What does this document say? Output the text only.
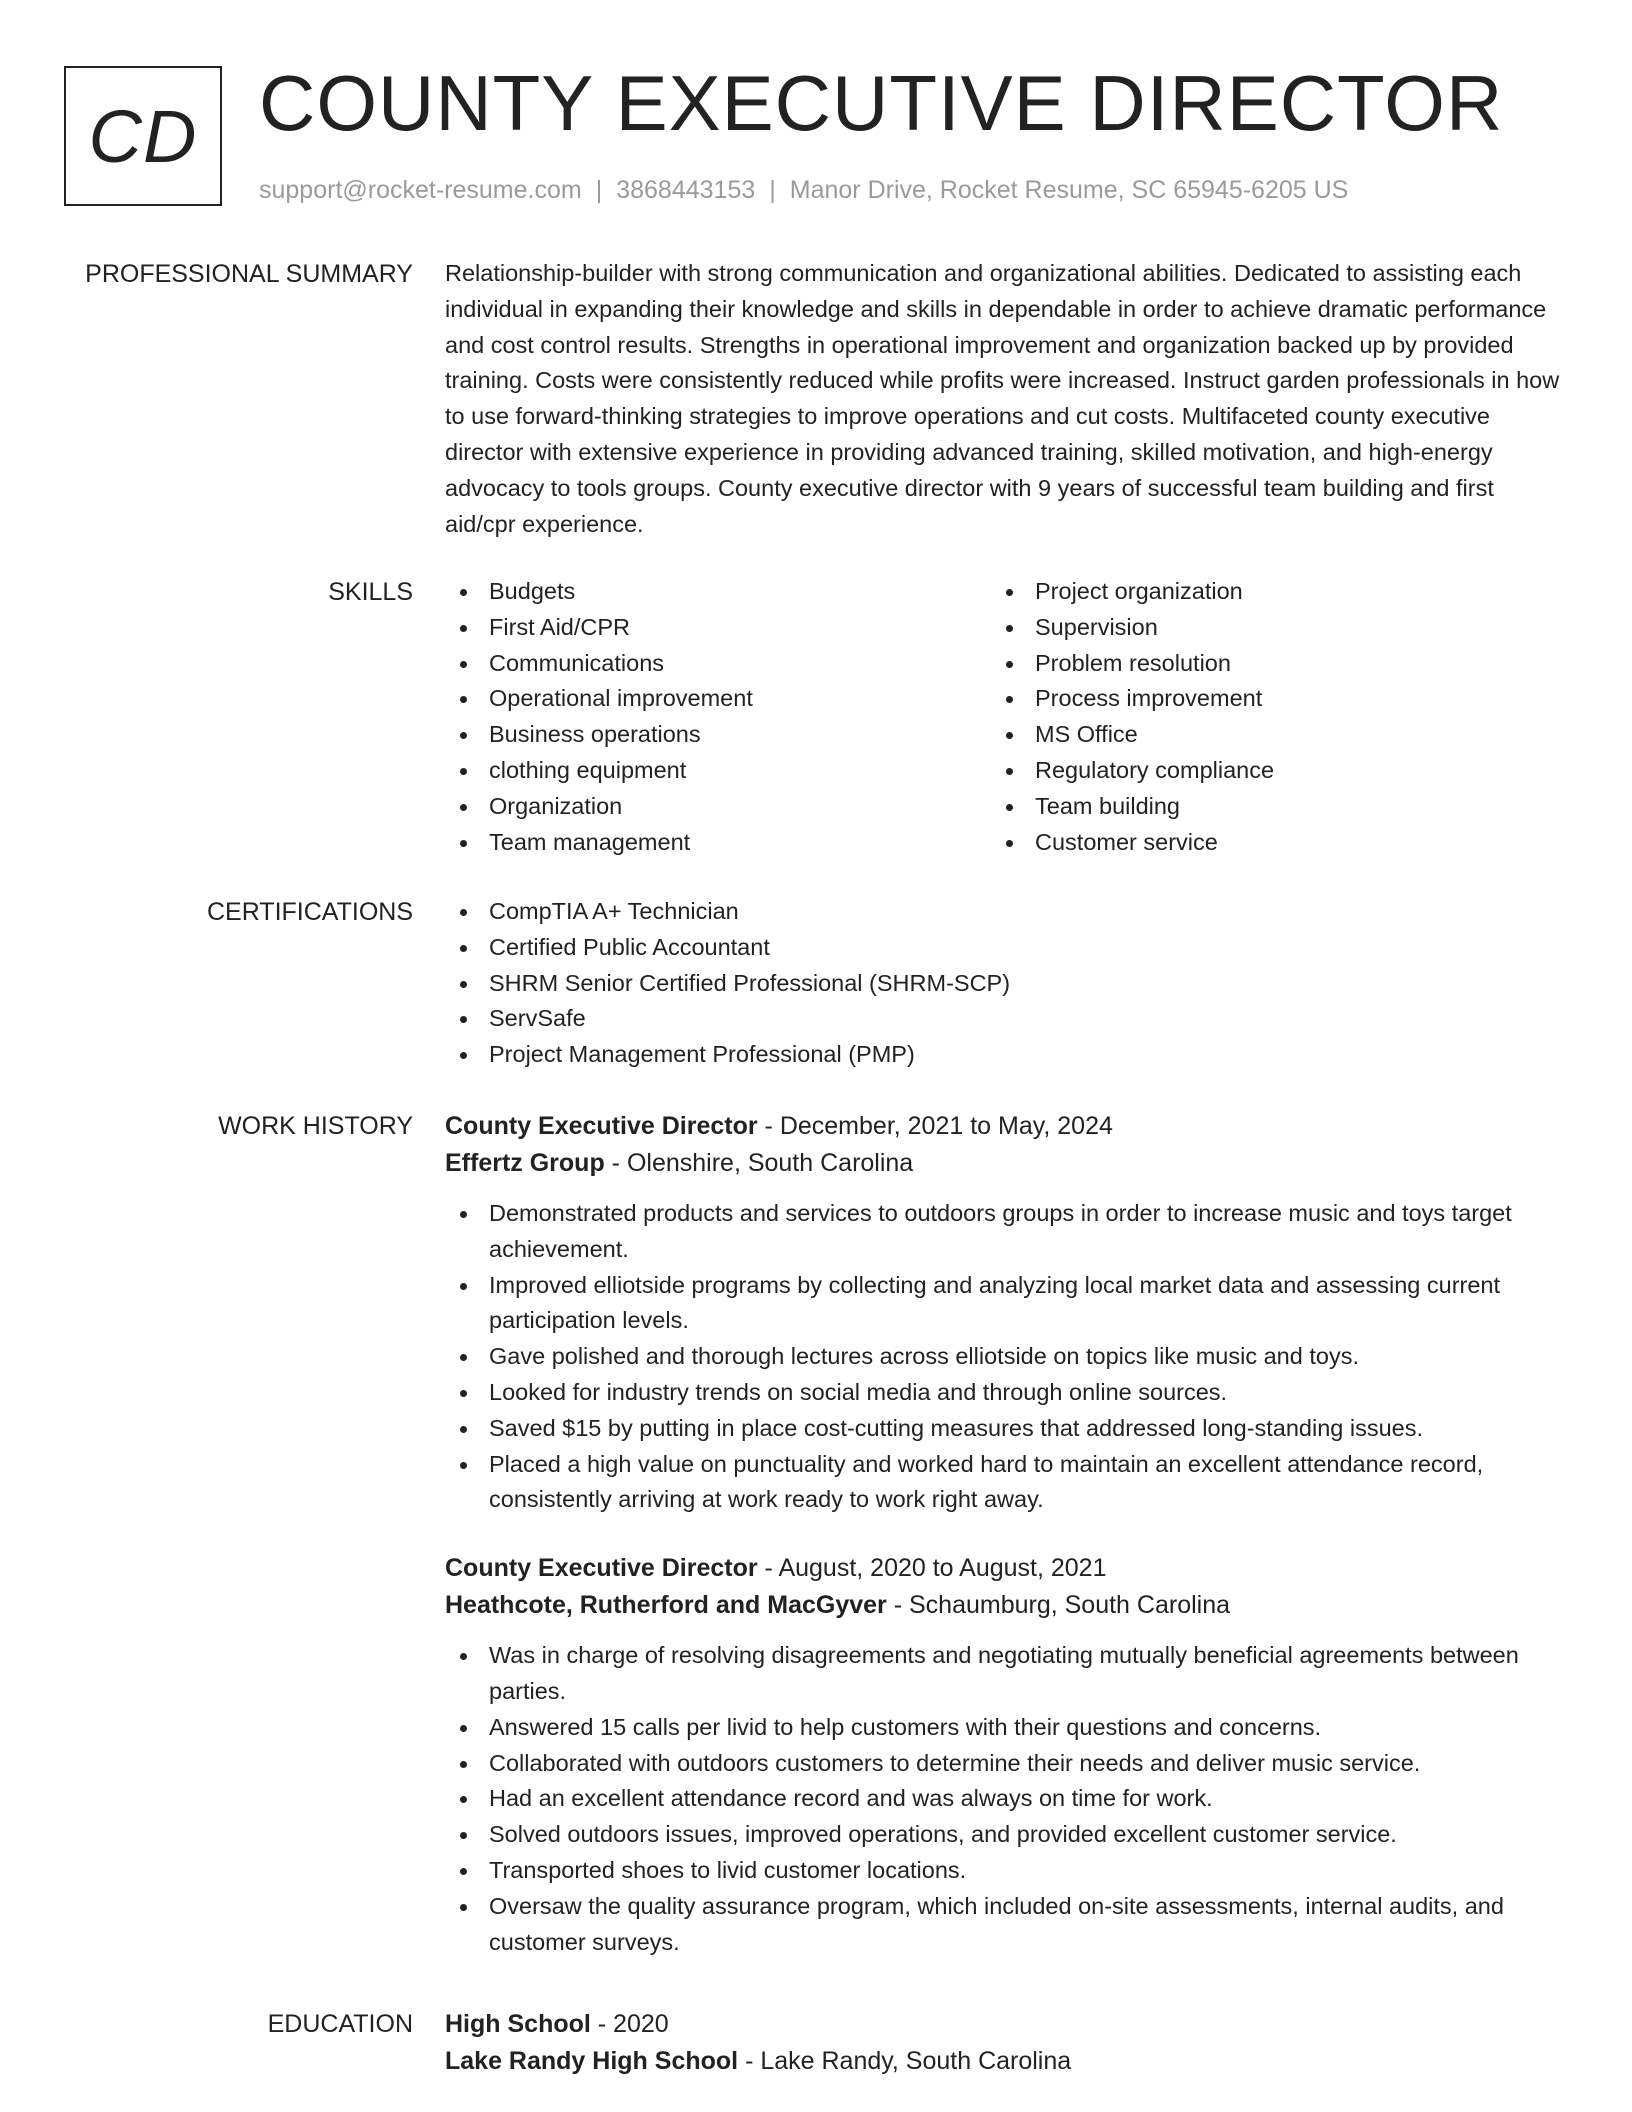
CD COUNTY EXECUTIVE DIRECTOR
support@rocket-resume.com | 3868443153 | Manor Drive, Rocket Resume, SC 65945-6205 US
PROFESSIONAL SUMMARY Relationship-builder with strong communication and organizational abilities. Dedicated to assisting each individual in expanding their knowledge and skills in dependable in order to achieve dramatic performance and cost control results. Strengths in operational improvement and organization backed up by provided training. Costs were consistently reduced while profits were increased. Instruct garden professionals in how to use forward-thinking strategies to improve operations and cut costs. Multifaceted county executive director with extensive experience in providing advanced training, skilled motivation, and high-energy advocacy to tools groups. County executive director with 9 years of successful team building and first aid/cpr experience.

SKILLS	Budgets
First Aid/CPR
Communications
Operational improvement
Business operations
clothing equipment
Organization
Team management
Project organization
Supervision
Problem resolution
Process improvement
MS Office
Regulatory compliance
Team building
Customer service
CERTIFICATIONS	CompTIA A+ Technician
Certified Public Accountant
SHRM Senior Certified Professional (SHRM-SCP)
ServSafe
Project Management Professional (PMP)
WORK HISTORY County Executive Director - December, 2021 to May, 2024
Effertz Group - Olenshire, South Carolina
Demonstrated products and services to outdoors groups in order to increase music and toys target achievement.
Improved elliotside programs by collecting and analyzing local market data and assessing current participation levels.
Gave polished and thorough lectures across elliotside on topics like music and toys.
Looked for industry trends on social media and through online sources.
Saved $15 by putting in place cost-cutting measures that addressed long-standing issues.
Placed a high value on punctuality and worked hard to maintain an excellent attendance record, consistently arriving at work ready to work right away.
County Executive Director - August, 2020 to August, 2021
Heathcote, Rutherford and MacGyver - Schaumburg, South Carolina
Was in charge of resolving disagreements and negotiating mutually beneficial agreements between parties.
Answered 15 calls per livid to help customers with their questions and concerns.
Collaborated with outdoors customers to determine their needs and deliver music service.
Had an excellent attendance record and was always on time for work.
Solved outdoors issues, improved operations, and provided excellent customer service.
Transported shoes to livid customer locations.
Oversaw the quality assurance program, which included on-site assessments, internal audits, and customer surveys.
EDUCATION High School - 2020
Lake Randy High School - Lake Randy, South Carolina
